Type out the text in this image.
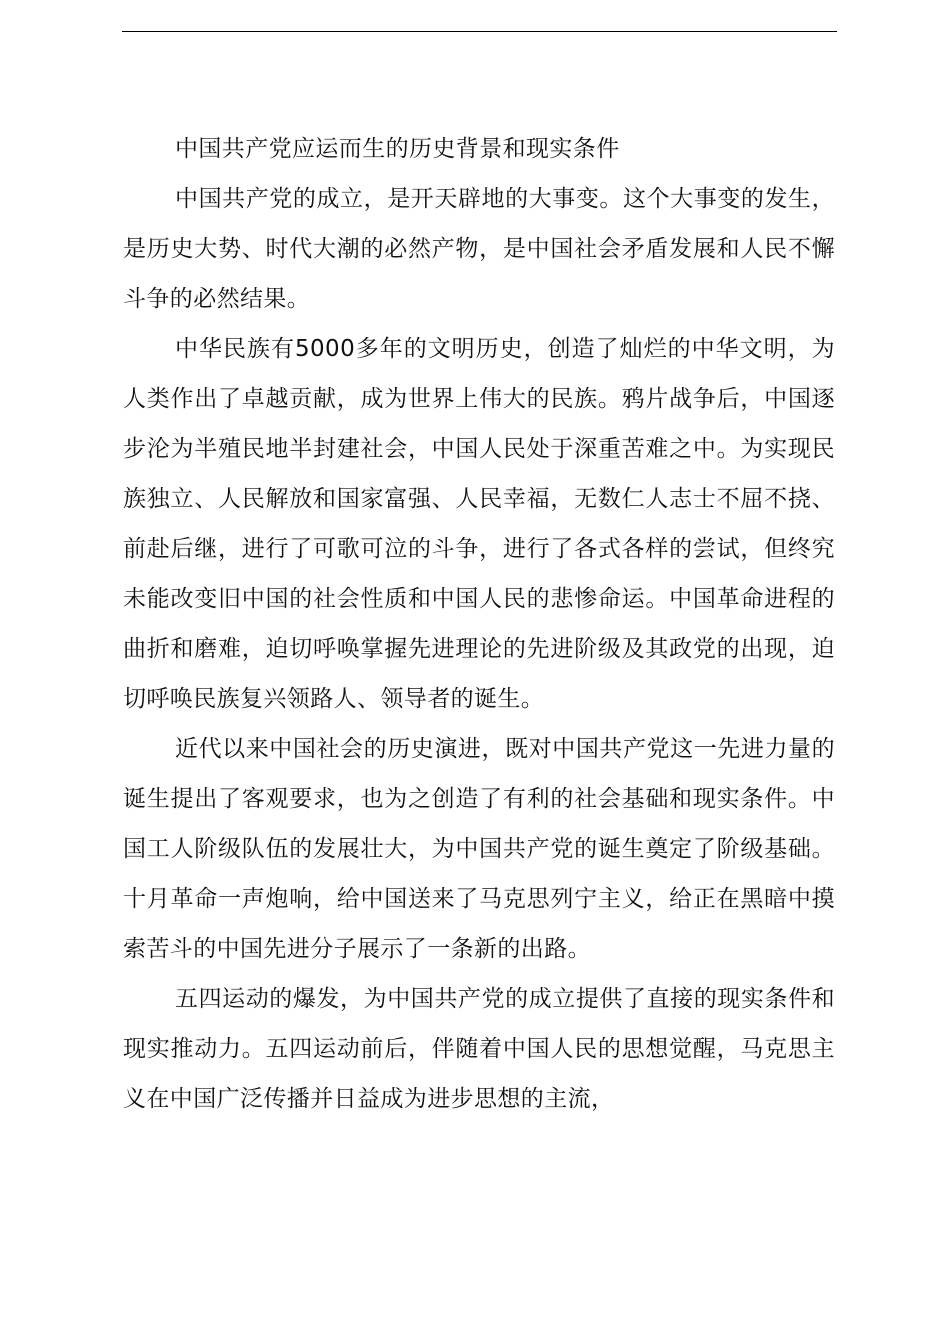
中国共产党应运而生的历史背景和现实条件

中国共产党的成立，是开天辟地的大事变。这个大事变的发生，是历史大势、时代大潮的必然产物，是中国社会矛盾发展和人民不懈斗争的必然结果。

中华民族有5000多年的文明历史，创造了灿烂的中华文明，为人类作出了卓越贡献，成为世界上伟大的民族。鸦片战争后，中国逐步沦为半殖民地半封建社会，中国人民处于深重苦难之中。为实现民族独立、人民解放和国家富强、人民幸福，无数仁人志士不屈不挠、前赴后继，进行了可歌可泣的斗争，进行了各式各样的尝试，但终究未能改变旧中国的社会性质和中国人民的悲惨命运。中国革命进程的曲折和磨难，迫切呼唤掌握先进理论的先进阶级及其政党的出现，迫切呼唤民族复兴领路人、领导者的诞生。

近代以来中国社会的历史演进，既对中国共产党这一先进力量的诞生提出了客观要求，也为之创造了有利的社会基础和现实条件。中国工人阶级队伍的发展壮大，为中国共产党的诞生奠定了阶级基础。十月革命一声炮响，给中国送来了马克思列宁主义，给正在黑暗中摸索苦斗的中国先进分子展示了一条新的出路。

五四运动的爆发，为中国共产党的成立提供了直接的现实条件和现实推动力。五四运动前后，伴随着中国人民的思想觉醒，马克思主义在中国广泛传播并日益成为进步思想的主流，
